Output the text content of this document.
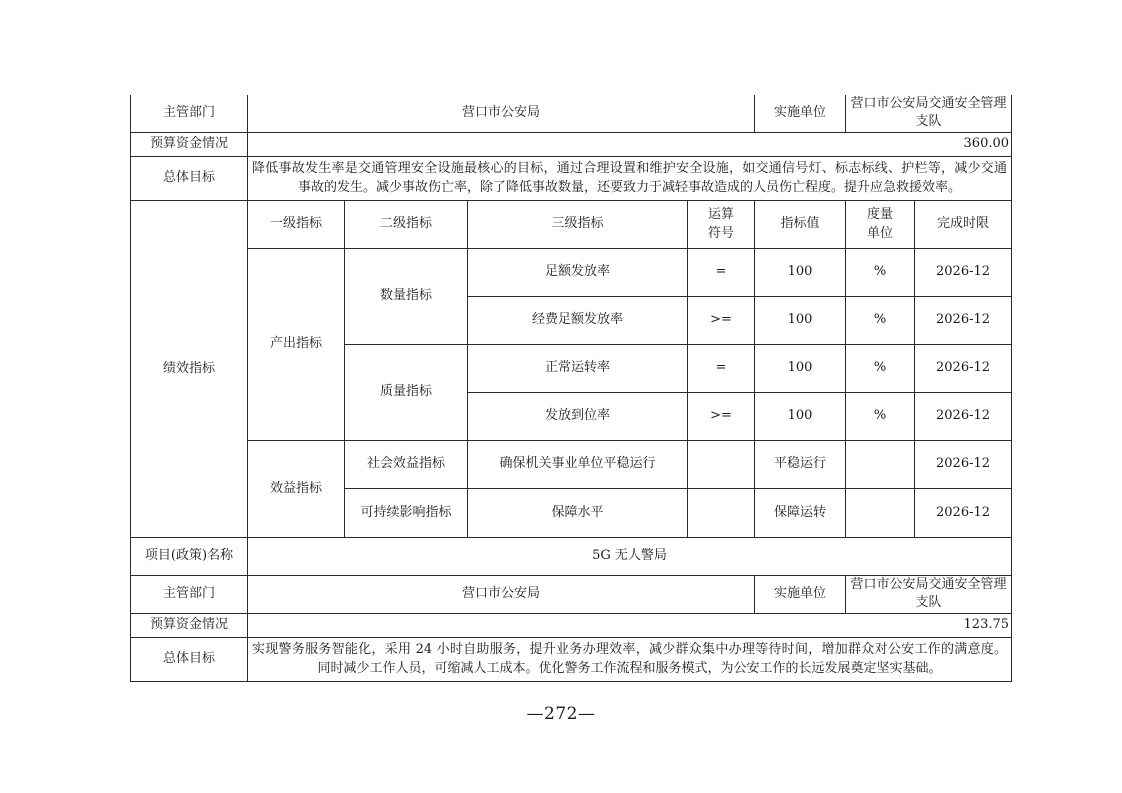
主管部门	营口市公安局				实施单位	营口市公安局交通安全管理支队	
预算资金情况	360.00						
总体目标	降低事故发生率是交通管理安全设施最核心的目标，通过合理设置和维护安全设施，如交通信号灯、标志标线、护栏等，减少交通
事故的发生。减少事故伤亡率，除了降低事故数量，还要致力于减轻事故造成的人员伤亡程度。提升应急救援效率。						

绩效指标	一级指标	二级指标	三级指标	运算符号	指标值	度量单位	完成时限
	产出指标	数量指标	足额发放率	=	100	%	2026-12
			经费足额发放率	>=	100	%	2026-12
		质量指标	正常运转率	=	100	%	2026-12
			发放到位率	>=	100	%	2026-12
	效益指标	社会效益指标	确保机关事业单位平稳运行		平稳运行		2026-12
		可持续影响指标	保障水平		保障运转		2026-12
项目(政策)名称	5G 无人警局						
主管部门	营口市公安局				实施单位	营口市公安局交通安全管理支队	
预算资金情况	123.75						
总体目标	实现警务服务智能化，采用 24 小时自助服务，提升业务办理效率，减少群众集中办理等待时间，增加群众对公安工作的满意度。
同时减少工作人员，可缩减人工成本。优化警务工作流程和服务模式，为公安工作的长远发展奠定坚实基础。						
—272—
